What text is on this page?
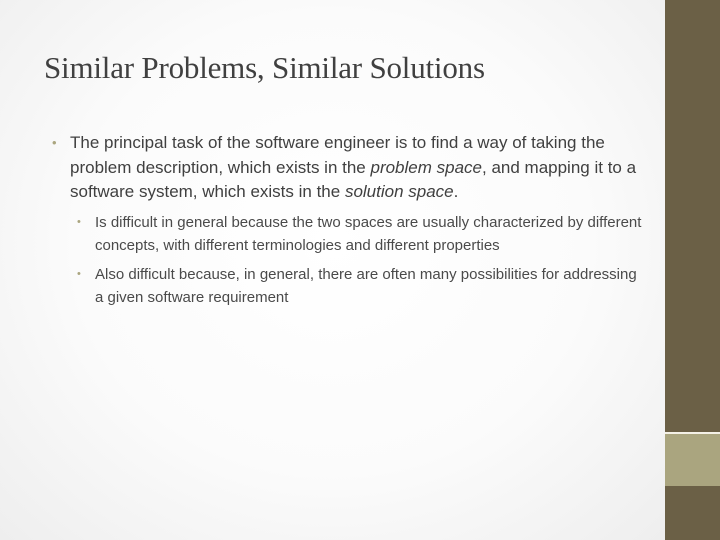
Similar Problems, Similar Solutions
• The principal task of the software engineer is to find a way of taking the problem description, which exists in the problem space, and mapping it to a software system, which exists in the solution space.
• Is difficult in general because the two spaces are usually characterized by different concepts, with different terminologies and different properties
• Also difficult because, in general, there are often many possibilities for addressing a given software requirement
